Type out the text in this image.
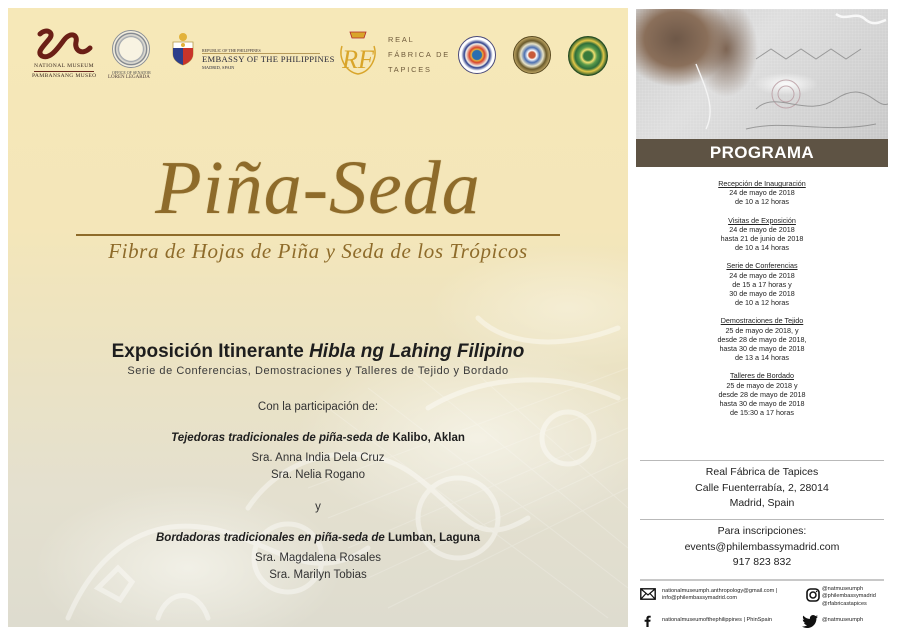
NATIONAL MUSEUM
PAMBANSANG MUSEO
OFFICE OF SENATOR
LOREN LEGARDA
REPUBLIC OF THE PHILIPPINES
EMBASSY OF THE PHILIPPINES
MADRID, SPAIN	RF
REAL
FÁBRICA DE
TAPICES
Piña-Seda
Fibra de Hojas de Piña y Seda de los Trópicos
Exposición Itinerante Hibla ng Lahing Filipino
Serie de Conferencias, Demostraciones y Talleres de Tejido y Bordado
Con la participación de:
Tejedoras tradicionales de piña-seda de Kalibo, Aklan
Sra. Anna India Dela Cruz
Sra. Nelia Rogano
y
Bordadoras tradicionales en piña-seda de Lumban, Laguna
Sra. Magdalena Rosales
Sra. Marilyn Tobias
PROGRAMA
Recepción de Inauguración
24 de mayo de 2018
de 10 a 12 horas
Visitas de Exposición
24 de mayo de 2018
hasta 21 de junio de 2018
de 10 a 14 horas
Serie de Conferencias
24 de mayo de 2018
de 15 a 17 horas y
30 de mayo de 2018
de 10 a 12 horas
Demostraciones de Tejido
25 de mayo de 2018, y
desde 28 de mayo de 2018,
hasta 30 de mayo de 2018
de 13 a 14 horas
Talleres de Bordado
25 de mayo de 2018 y
desde 28 de mayo de 2018
hasta 30 de mayo de 2018
de 15:30 a 17 horas
Real Fábrica de Tapices
Calle Fuenterrabía, 2, 28014
Madrid, Spain
Para inscripciones:
events@philembassymadrid.com
917 823 832
nationalmuseumph.anthropology@gmail.com |
info@philembassymadrid.com
@natmuseumph
@philembassymadrid
@rfabricastapices
nationalmuseumofthephilippines | PhinSpain	@natmuseumph
